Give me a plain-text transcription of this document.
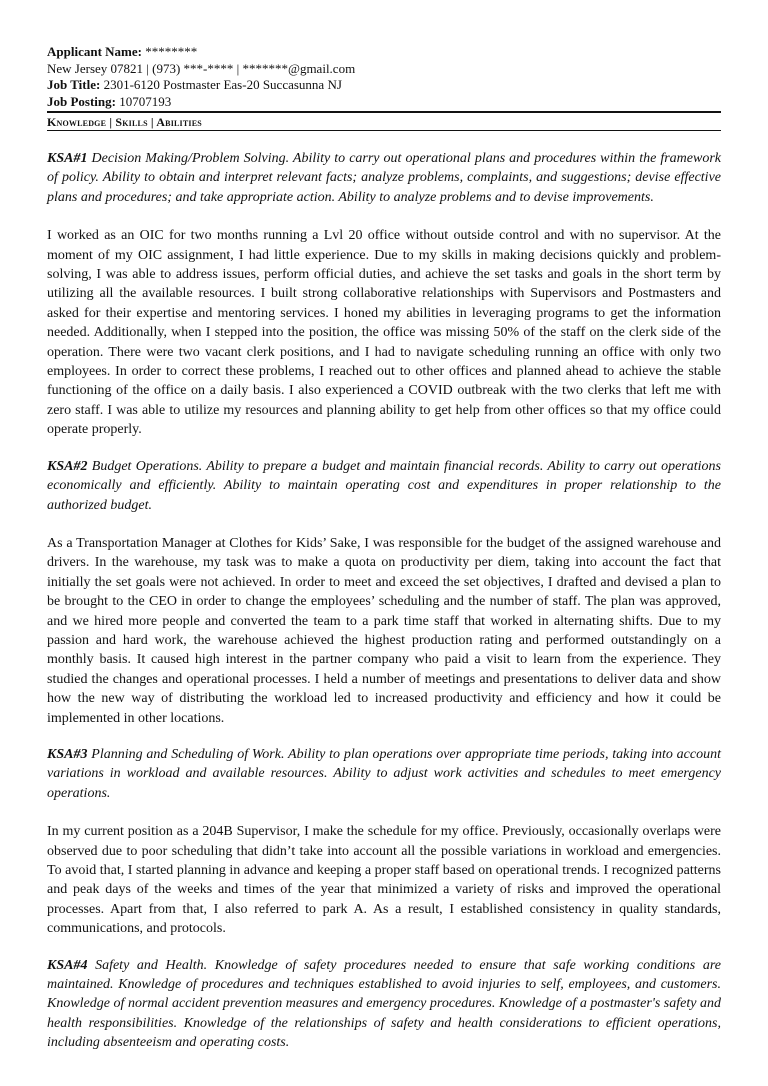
Applicant Name: ********
New Jersey 07821 | (973) ***-**** | *******@gmail.com
Job Title: 2301-6120 Postmaster Eas-20 Succasunna NJ
Job Posting: 10707193
Knowledge | Skills | Abilities
KSA#1 Decision Making/Problem Solving. Ability to carry out operational plans and procedures within the framework of policy. Ability to obtain and interpret relevant facts; analyze problems, complaints, and suggestions; devise effective plans and procedures; and take appropriate action. Ability to analyze problems and to devise improvements.
I worked as an OIC for two months running a Lvl 20 office without outside control and with no supervisor. At the moment of my OIC assignment, I had little experience. Due to my skills in making decisions quickly and problem-solving, I was able to address issues, perform official duties, and achieve the set tasks and goals in the short term by utilizing all the available resources. I built strong collaborative relationships with Supervisors and Postmasters and asked for their expertise and mentoring services. I honed my abilities in leveraging programs to get the information needed. Additionally, when I stepped into the position, the office was missing 50% of the staff on the clerk side of the operation. There were two vacant clerk positions, and I had to navigate scheduling running an office with only two employees. In order to correct these problems, I reached out to other offices and planned ahead to achieve the stable functioning of the office on a daily basis. I also experienced a COVID outbreak with the two clerks that left me with zero staff. I was able to utilize my resources and planning ability to get help from other offices so that my office could operate properly.
KSA#2 Budget Operations. Ability to prepare a budget and maintain financial records. Ability to carry out operations economically and efficiently. Ability to maintain operating cost and expenditures in proper relationship to the authorized budget.
As a Transportation Manager at Clothes for Kids’ Sake, I was responsible for the budget of the assigned warehouse and drivers. In the warehouse, my task was to make a quota on productivity per diem, taking into account the fact that initially the set goals were not achieved. In order to meet and exceed the set objectives, I drafted and devised a plan to be brought to the CEO in order to change the employees’ scheduling and the number of staff. The plan was approved, and we hired more people and converted the team to a park time staff that worked in alternating shifts. Due to my passion and hard work, the warehouse achieved the highest production rating and performed outstandingly on a monthly basis. It caused high interest in the partner company who paid a visit to learn from the experience. They studied the changes and operational processes. I held a number of meetings and presentations to deliver data and show how the new way of distributing the workload led to increased productivity and efficiency and how it could be implemented in other locations.
KSA#3 Planning and Scheduling of Work. Ability to plan operations over appropriate time periods, taking into account variations in workload and available resources. Ability to adjust work activities and schedules to meet emergency operations.
In my current position as a 204B Supervisor, I make the schedule for my office. Previously, occasionally overlaps were observed due to poor scheduling that didn’t take into account all the possible variations in workload and emergencies. To avoid that, I started planning in advance and keeping a proper staff based on operational trends. I recognized patterns and peak days of the weeks and times of the year that minimized a variety of risks and improved the operational processes. Apart from that, I also referred to park A. As a result, I established consistency in quality standards, communications, and protocols.
KSA#4 Safety and Health. Knowledge of safety procedures needed to ensure that safe working conditions are maintained. Knowledge of procedures and techniques established to avoid injuries to self, employees, and customers. Knowledge of normal accident prevention measures and emergency procedures. Knowledge of a postmaster's safety and health responsibilities. Knowledge of the relationships of safety and health considerations to efficient operations, including absenteeism and operating costs.
